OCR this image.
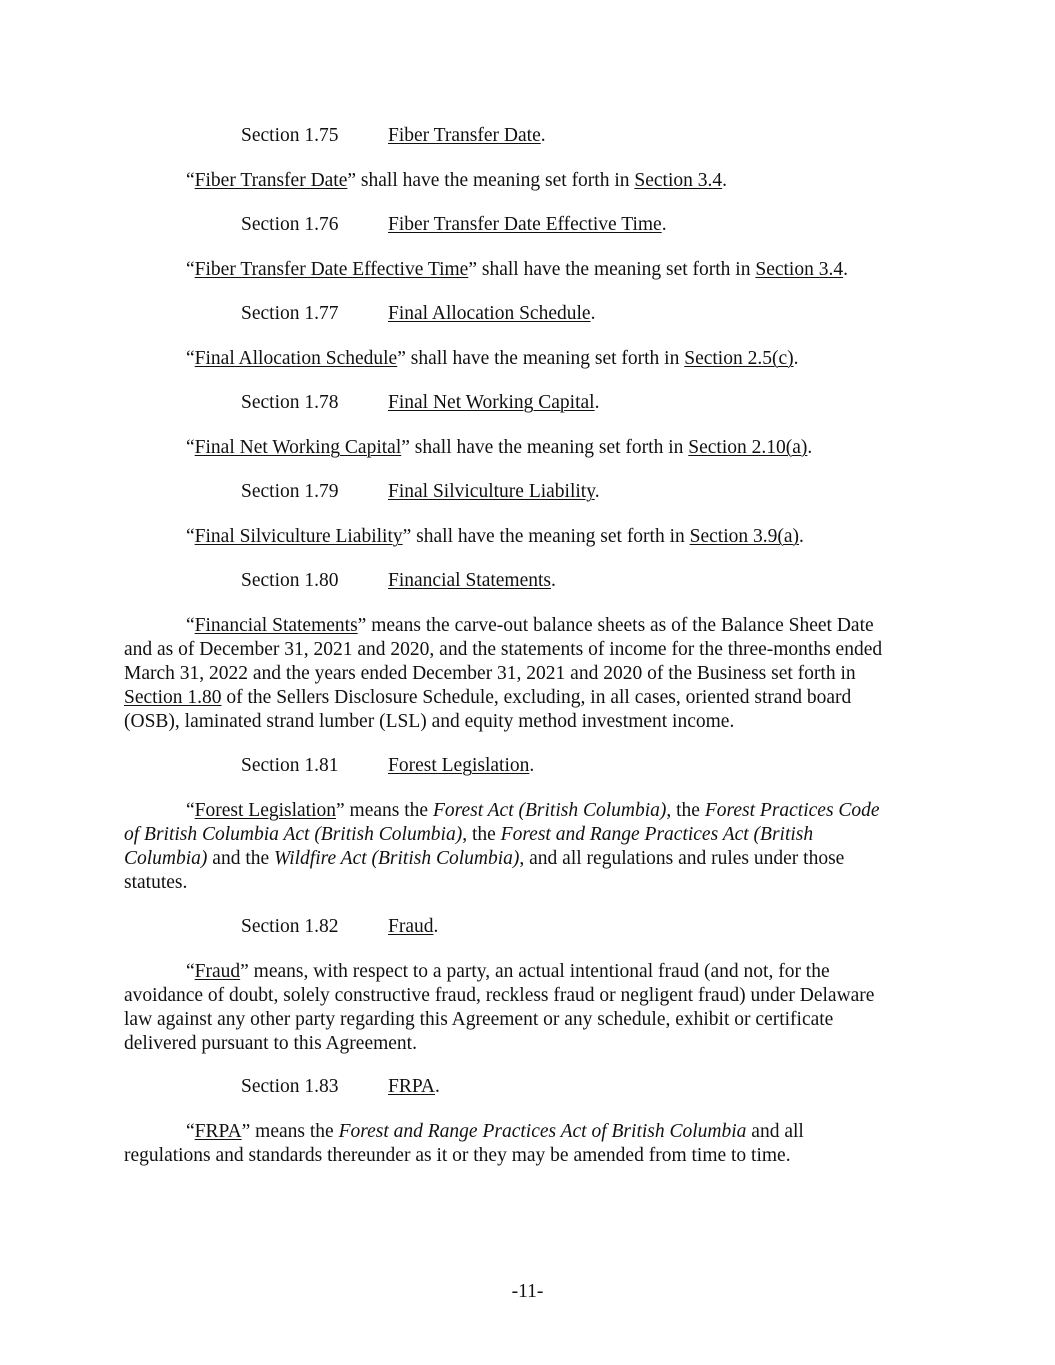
Section 1.75	Fiber Transfer Date.
“Fiber Transfer Date” shall have the meaning set forth in Section 3.4.
Section 1.76	Fiber Transfer Date Effective Time.
“Fiber Transfer Date Effective Time” shall have the meaning set forth in Section 3.4.
Section 1.77	Final Allocation Schedule.
“Final Allocation Schedule” shall have the meaning set forth in Section 2.5(c).
Section 1.78	Final Net Working Capital.
“Final Net Working Capital” shall have the meaning set forth in Section 2.10(a).
Section 1.79	Final Silviculture Liability.
“Final Silviculture Liability” shall have the meaning set forth in Section 3.9(a).
Section 1.80	Financial Statements.
“Financial Statements” means the carve-out balance sheets as of the Balance Sheet Date
and as of December 31, 2021 and 2020, and the statements of income for the three-months ended
March 31, 2022 and the years ended December 31, 2021 and 2020 of the Business set forth in
Section 1.80 of the Sellers Disclosure Schedule, excluding, in all cases, oriented strand board
(OSB), laminated strand lumber (LSL) and equity method investment income.
Section 1.81	Forest Legislation.
“Forest Legislation” means the Forest Act (British Columbia), the Forest Practices Code
of British Columbia Act (British Columbia), the Forest and Range Practices Act (British
Columbia) and the Wildfire Act (British Columbia), and all regulations and rules under those
statutes.
Section 1.82	Fraud.
“Fraud” means, with respect to a party, an actual intentional fraud (and not, for the
avoidance of doubt, solely constructive fraud, reckless fraud or negligent fraud) under Delaware
law against any other party regarding this Agreement or any schedule, exhibit or certificate
delivered pursuant to this Agreement.
Section 1.83	FRPA.
“FRPA” means the Forest and Range Practices Act of British Columbia and all
regulations and standards thereunder as it or they may be amended from time to time.
-11-
